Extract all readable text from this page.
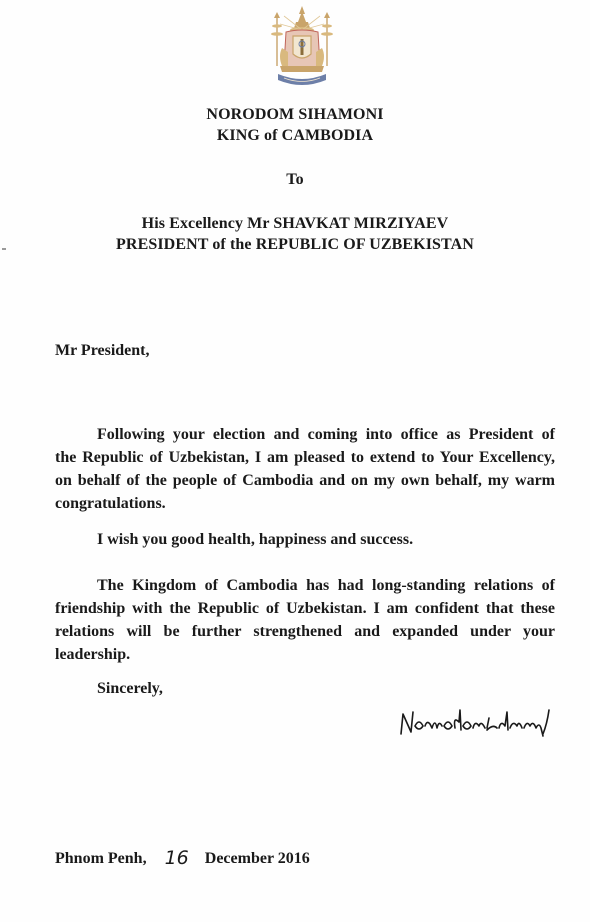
NORODOM SIHAMONI
KING of CAMBODIA
To
His Excellency Mr SHAVKAT MIRZIYAEV
PRESIDENT of the REPUBLIC OF UZBEKISTAN
Mr President,
Following your election and coming into office as President of
the Republic of Uzbekistan, I am pleased to extend to Your Excellency,
on behalf of the people of Cambodia and on my own behalf, my warm
congratulations.
I wish you good health, happiness and success.
The Kingdom of Cambodia has had long-standing relations of
friendship with the Republic of Uzbekistan. I am confident that these
relations will be further strengthened and expanded under your
leadership.
Sincerely,
Phnom Penh, 16 December 2016
